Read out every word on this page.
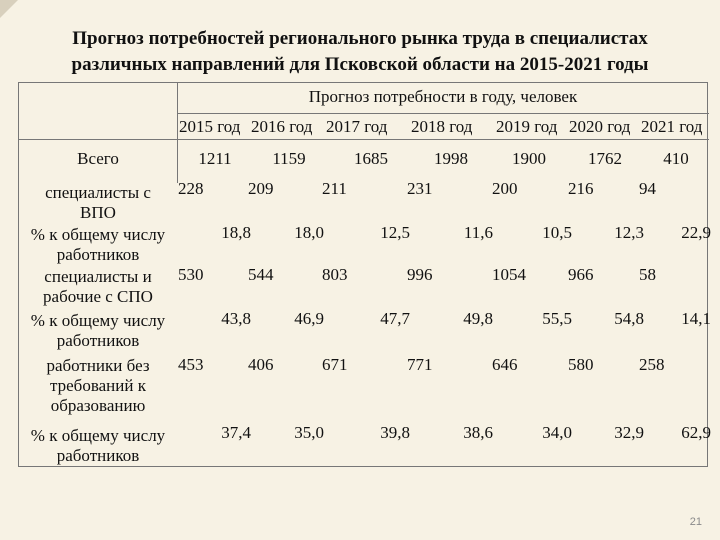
Прогноз потребностей регионального рынка труда в специалистах
различных направлений для Псковской области на 2015-2021 годы
Прогноз потребности в году, человек
2015 год 2016 год 2017 год 2018 год 2019 год 2020 год 2021 год
Всего	1211	1159	1685	1998	1900	1762	410
специалисты с
ВПО
228	209	211	231	200	216	94
% к общему числу
работников
18,8	18,0	12,5	11,6	10,5	12,3	22,9
специалисты и
рабочие с СПО
530	544	803	996	1054 966	58
% к общему числу
работников
43,8	46,9	47,7	49,8	55,5	54,8	14,1
работники без
требований к
образованию
453	406	671	771	646	580	258
% к общему числу
работников
37,4	35,0	39,8	38,6	34,0	32,9	62,9
21
